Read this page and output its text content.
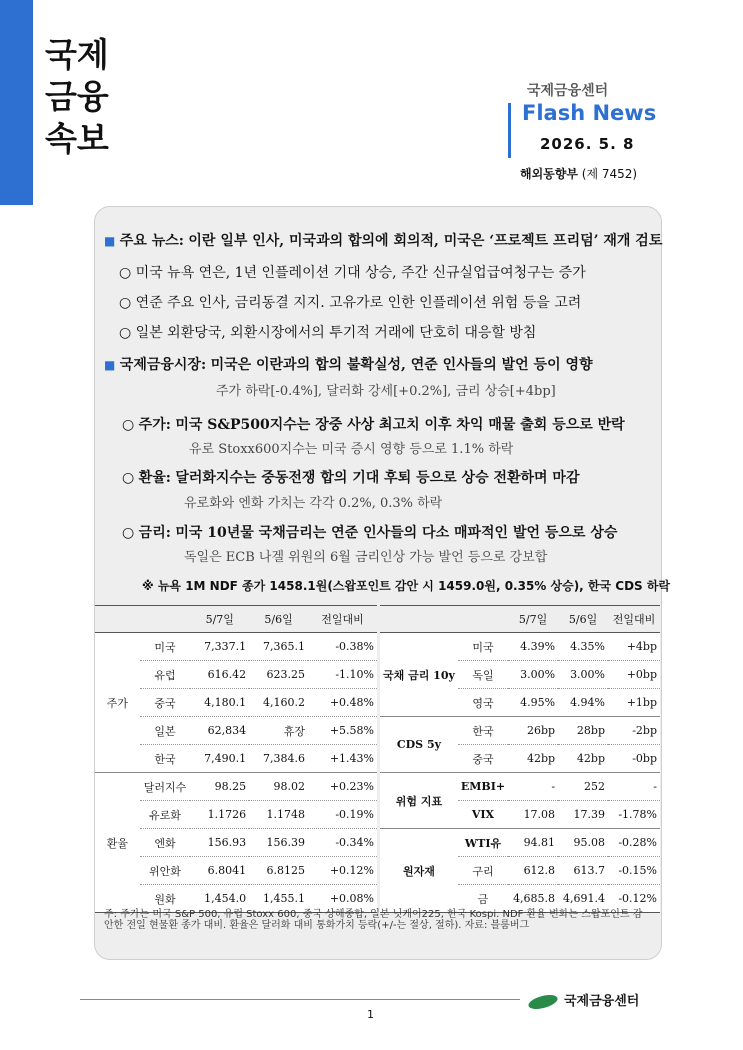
국제
금융
속보
국제금융센터
Flash News
2026. 5. 8
해외동향부 (제 7452)
■ 주요 뉴스: 이란 일부 인사, 미국과의 합의에 회의적, 미국은 ‘프로젝트 프리덤’ 재개 검토
○ 미국 뉴욕 연은, 1년 인플레이션 기대 상승, 주간 신규실업급여청구는 증가
○ 연준 주요 인사, 금리동결 지지. 고유가로 인한 인플레이션 위험 등을 고려
○ 일본 외환당국, 외환시장에서의 투기적 거래에 단호히 대응할 방침
■ 국제금융시장: 미국은 이란과의 합의 불확실성, 연준 인사들의 발언 등이 영향
주가 하락[-0.4%], 달러화 강세[+0.2%], 금리 상승[+4bp]
○ 주가: 미국 S&P500지수는 장중 사상 최고치 이후 차익 매물 출회 등으로 반락
유로 Stoxx600지수는 미국 증시 영향 등으로 1.1% 하락
○ 환율: 달러화지수는 중동전쟁 합의 기대 후퇴 등으로 상승 전환하며 마감
유로화와 엔화 가치는 각각 0.2%, 0.3% 하락
○ 금리: 미국 10년물 국채금리는 연준 인사들의 다소 매파적인 발언 등으로 상승
독일은 ECB 나겔 위원의 6월 금리인상 가능 발언 등으로 강보합
※ 뉴욕 1M NDF 종가 1458.1원(스왑포인트 감안 시 1459.0원, 0.35% 상승), 한국 CDS 하락
		5/7일	5/6일	전일대비
주가	미국	7,337.1	7,365.1	-0.38%
	유럽	616.42	623.25	-1.10%
	중국	4,180.1	4,160.2	+0.48%
	일본	62,834	휴장	+5.58%
	한국	7,490.1	7,384.6	+1.43%
환율	달러지수	98.25	98.02	+0.23%
	유로화	1.1726	1.1748	-0.19%
	엔화	156.93	156.39	-0.34%
	위안화	6.8041	6.8125	+0.12%
	원화	1,454.0	1,455.1	+0.08%
		5/7일	5/6일	전일대비
국채 금리 10y	미국	4.39%	4.35%	+4bp
	독일	3.00%	3.00%	+0bp
	영국	4.95%	4.94%	+1bp
CDS 5y	한국	26bp	28bp	-2bp
	중국	42bp	42bp	-0bp
위험 지표	EMBI+	-	252	-
	VIX	17.08	17.39	-1.78%
원자재	WTI유	94.81	95.08	-0.28%
	구리	612.8	613.7	-0.15%
	금	4,685.8	4,691.4	-0.12%
주: 주가는 미국 S&P 500, 유럽 Stoxx 600, 중국 상해종합, 일본 닛케이225, 한국 Kospi. NDF 환율 변화는 스왑포인트 감안한 전일 현물환 종가 대비. 환율은 달러화 대비 통화가치 등락(+/-는 절상, 절하). 자료: 블룸버그
국제금융센터
1
